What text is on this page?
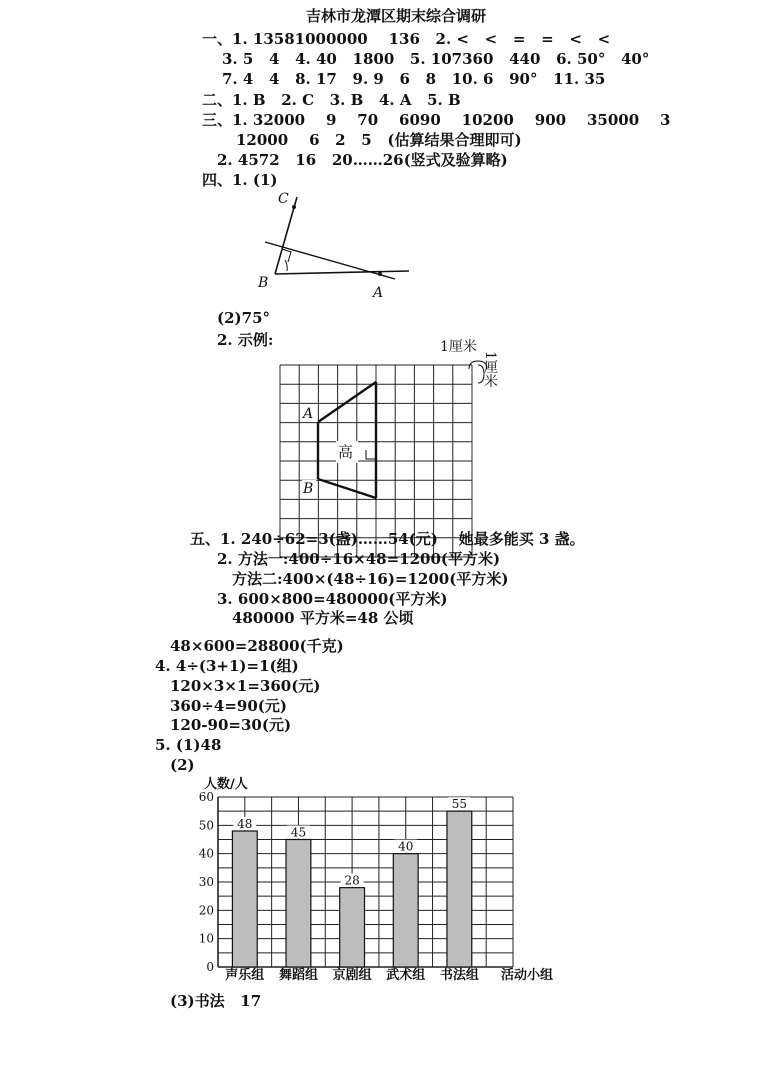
吉林市龙潭区期末综合调研
一、1. 13581000000    136   2. <   <   =   =   <   <
3. 5   4   4. 40   1800   5. 107360   440   6. 50°   40°
7. 4   4   8. 17   9. 9   6   8   10. 6   90°   11. 35
二、1. B   2. C   3. B   4. A   5. B
三、1. 32000    9    70    6090    10200    900    35000    3
12000    6   2   5   (估算结果合理即可)
2. 4572   16   20……26(竖式及验算略)
四、1. (1)
C
B
A
(2)75°
2. 示例:
高
A
B
1厘米
1厘米
五、1. 240÷62=3(盏)……54(元)    她最多能买 3 盏。
2. 方法一:400÷16×48=1200(平方米)
方法二:400×(48÷16)=1200(平方米)
3. 600×800=480000(平方米)
480000 平方米=48 公顷
48×600=28800(千克)
4. 4÷(3+1)=1(组)
120×3×1=360(元)
360÷4=90(元)
120-90=30(元)
5. (1)48
(2)
48
45
28
40
55
0
10
20
30
40
50
60
声乐组 舞蹈组 京剧组 武术组 书法组
人数/人
活动小组
(3)书法   17
